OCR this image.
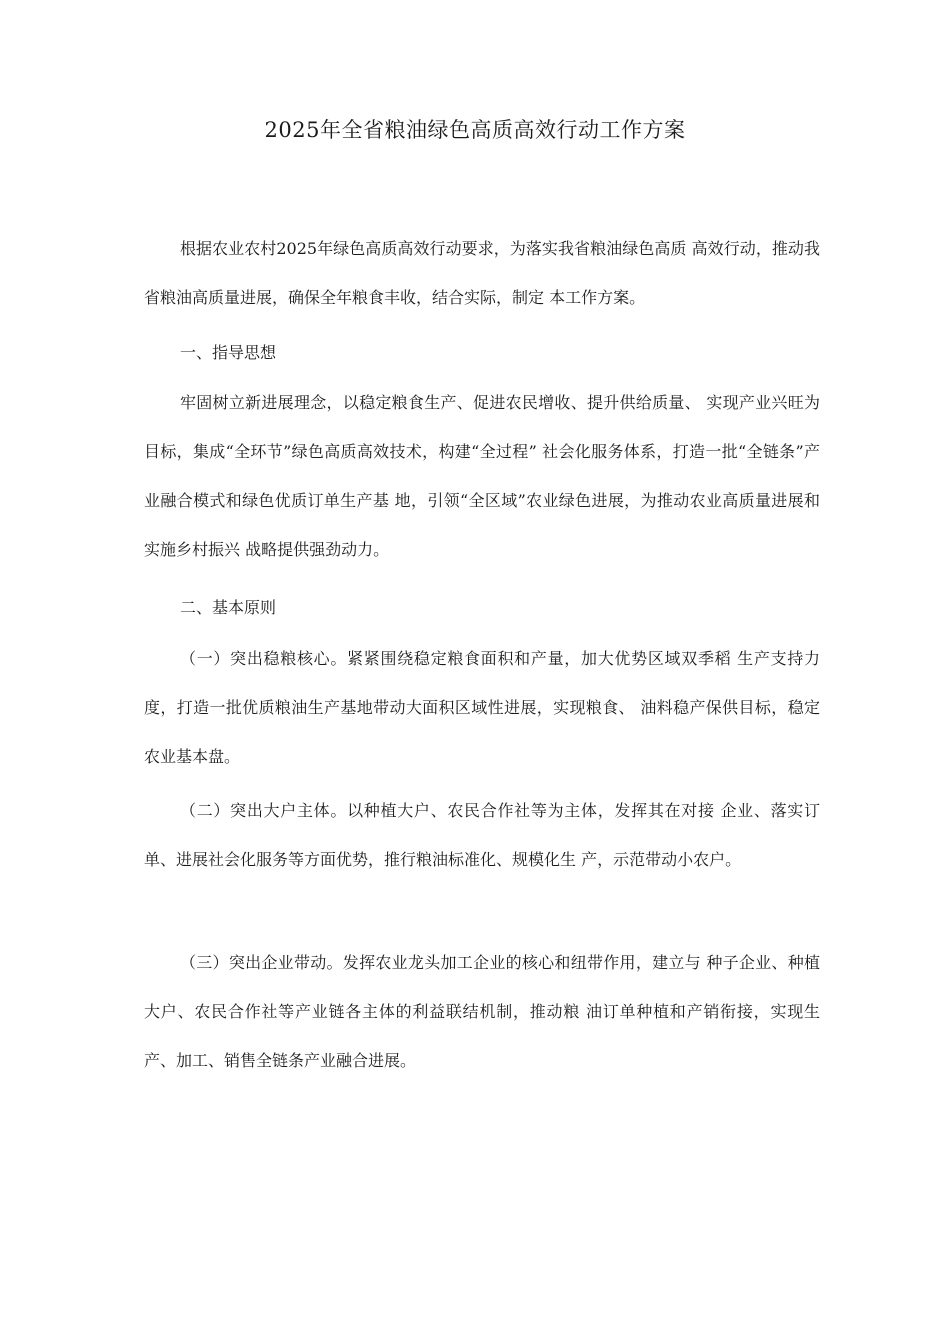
2025年全省粮油绿色高质高效行动工作方案

根据农业农村2025年绿色高质高效行动要求，为落实我省粮油绿色高质 高效行动，推动我省粮油高质量进展，确保全年粮食丰收，结合实际，制定 本工作方案。

一、指导思想

牢固树立新进展理念，以稳定粮食生产、促进农民增收、提升供给质量、 实现产业兴旺为目标，集成“全环节”绿色高质高效技术，构建“全过程” 社会化服务体系，打造一批“全链条”产业融合模式和绿色优质订单生产基 地，引领“全区域”农业绿色进展，为推动农业高质量进展和实施乡村振兴 战略提供强劲动力。

二、基本原则

（一）突出稳粮核心。紧紧围绕稳定粮食面积和产量，加大优势区域双季稻 生产支持力度，打造一批优质粮油生产基地带动大面积区域性进展，实现粮食、 油料稳产保供目标，稳定农业基本盘。

（二）突出大户主体。以种植大户、农民合作社等为主体，发挥其在对接 企业、落实订单、进展社会化服务等方面优势，推行粮油标准化、规模化生 产，示范带动小农户。

（三）突出企业带动。发挥农业龙头加工企业的核心和纽带作用，建立与 种子企业、种植大户、农民合作社等产业链各主体的利益联结机制，推动粮 油订单种植和产销衔接，实现生产、加工、销售全链条产业融合进展。
